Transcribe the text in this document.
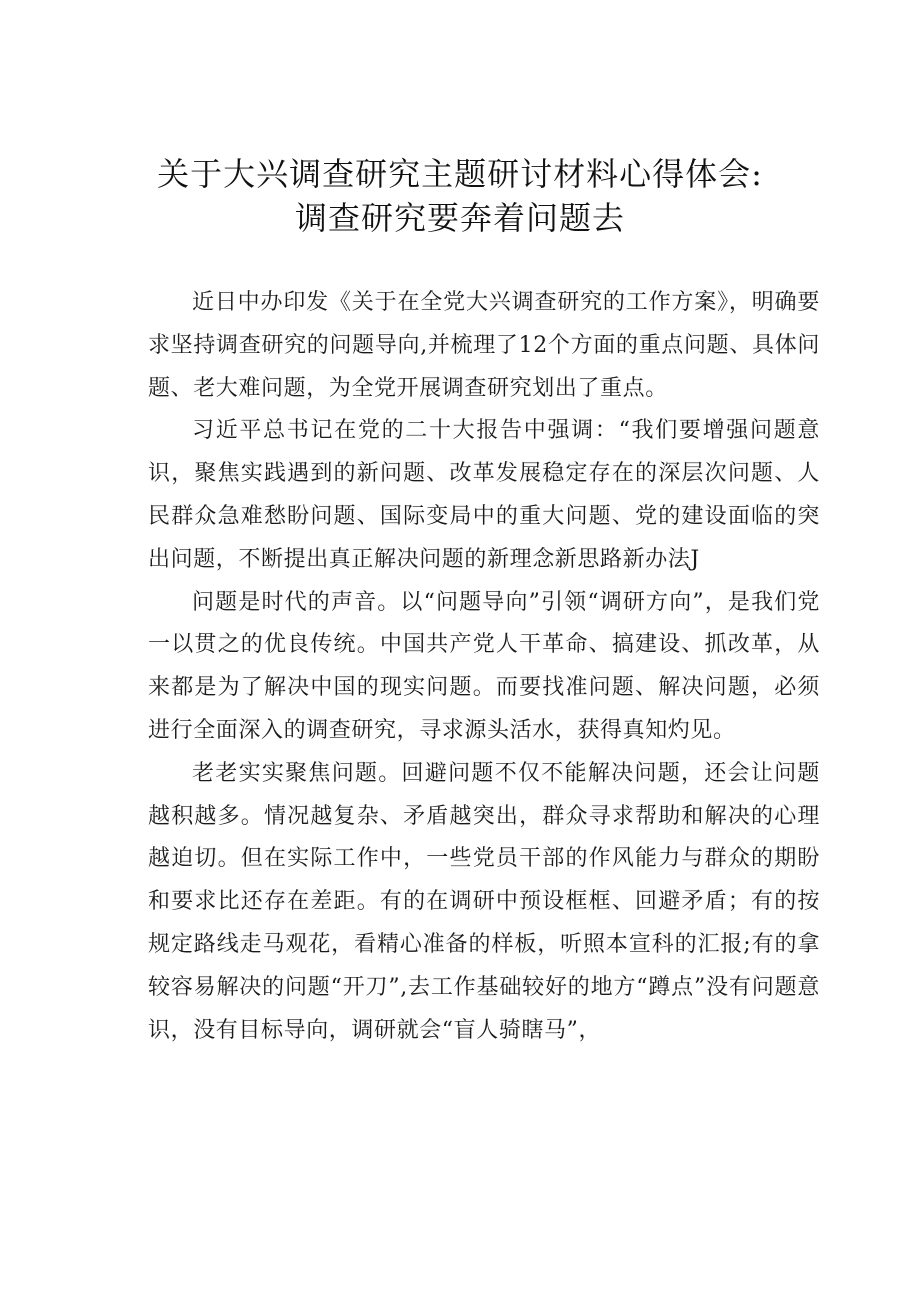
关于大兴调查研究主题研讨材料心得体会:
调查研究要奔着问题去

近日中办印发《关于在全党大兴调查研究的工作方案》，明确要求坚持调查研究的问题导向,并梳理了12个方面的重点问题、具体问题、老大难问题，为全党开展调查研究划出了重点。

习近平总书记在党的二十大报告中强调：“我们要增强问题意识，聚焦实践遇到的新问题、改革发展稳定存在的深层次问题、人民群众急难愁盼问题、国际变局中的重大问题、党的建设面临的突出问题，不断提出真正解决问题的新理念新思路新办法J

问题是时代的声音。以“问题导向”引领“调研方向”，是我们党一以贯之的优良传统。中国共产党人干革命、搞建设、抓改革，从来都是为了解决中国的现实问题。而要找准问题、解决问题，必须进行全面深入的调查研究，寻求源头活水，获得真知灼见。

老老实实聚焦问题。回避问题不仅不能解决问题，还会让问题越积越多。情况越复杂、矛盾越突出，群众寻求帮助和解决的心理越迫切。但在实际工作中，一些党员干部的作风能力与群众的期盼和要求比还存在差距。有的在调研中预设框框、回避矛盾；有的按规定路线走马观花，看精心准备的样板，听照本宣科的汇报;有的拿较容易解决的问题“开刀”,去工作基础较好的地方“蹲点”没有问题意识，没有目标导向，调研就会“盲人骑瞎马”，
